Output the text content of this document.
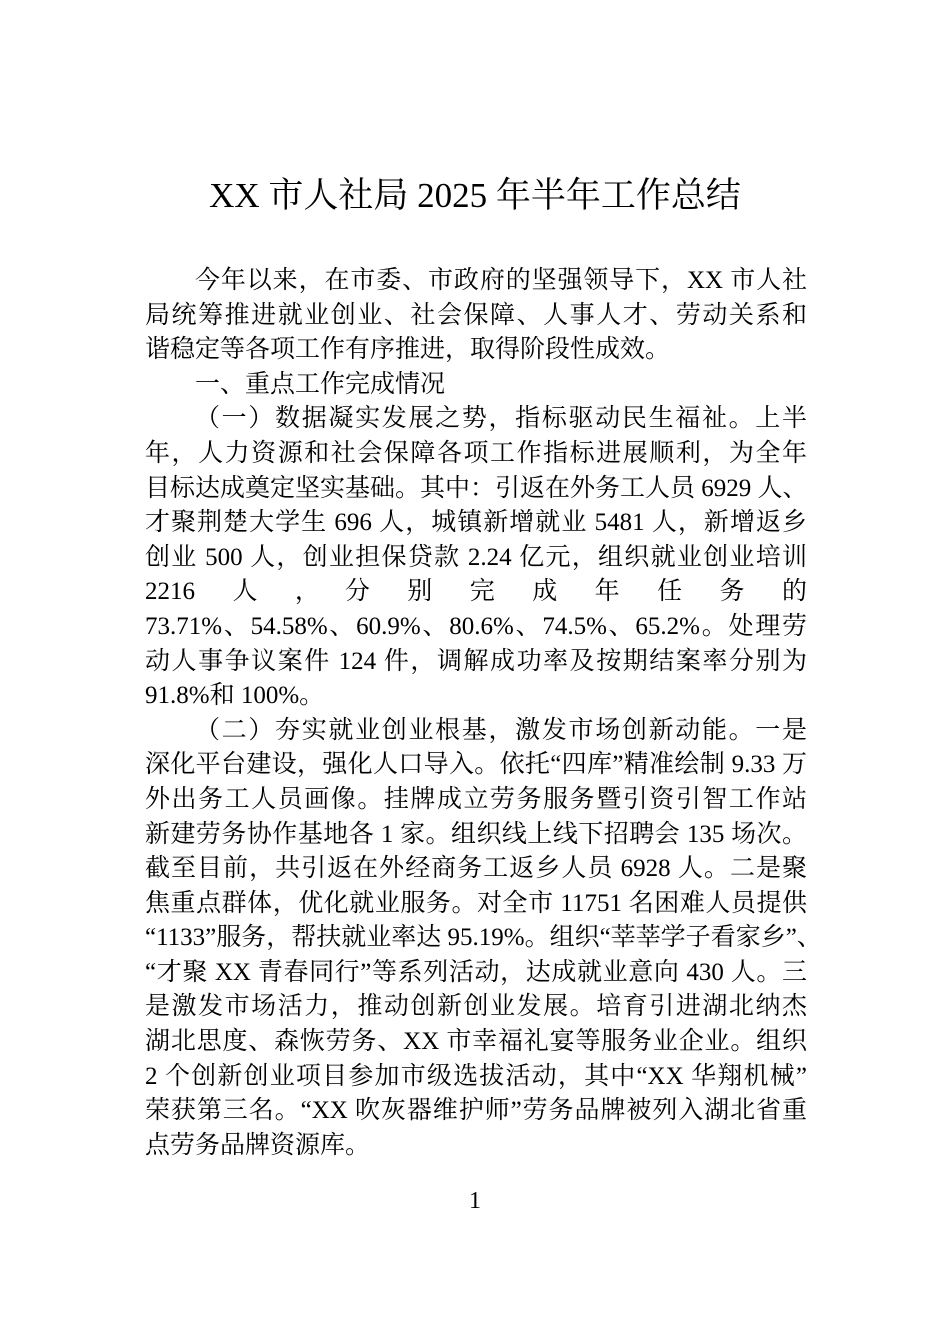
XX 市人社局 2025 年半年工作总结
今年以来，在市委、市政府的坚强领导下，XX 市人社
局统筹推进就业创业、社会保障、人事人才、劳动关系和
谐稳定等各项工作有序推进，取得阶段性成效。
一、重点工作完成情况
（一）数据凝实发展之势，指标驱动民生福祉。上半
年，人力资源和社会保障各项工作指标进展顺利，为全年
目标达成奠定坚实基础。其中：引返在外务工人员 6929 人、
才聚荆楚大学生 696 人，城镇新增就业 5481 人，新增返乡
创业 500 人，创业担保贷款 2.24 亿元，组织就业创业培训
2216　人　，　分　别　完　成　年　任　务　的
73.71%、54.58%、60.9%、80.6%、74.5%、65.2%。处理劳
动人事争议案件 124 件，调解成功率及按期结案率分别为
91.8%和 100%。
（二）夯实就业创业根基，激发市场创新动能。一是
深化平台建设，强化人口导入。依托“四库”精准绘制 9.33 万
外出务工人员画像。挂牌成立劳务服务暨引资引智工作站
新建劳务协作基地各 1 家。组织线上线下招聘会 135 场次。
截至目前，共引返在外经商务工返乡人员 6928 人。二是聚
焦重点群体，优化就业服务。对全市 11751 名困难人员提供
“1133”服务，帮扶就业率达 95.19%。组织“莘莘学子看家乡”、
“才聚 XX 青春同行”等系列活动，达成就业意向 430 人。三
是激发市场活力，推动创新创业发展。培育引进湖北纳杰
湖北思度、森恢劳务、XX 市幸福礼宴等服务业企业。组织
2 个创新创业项目参加市级选拔活动，其中“XX 华翔机械”
荣获第三名。“XX 吹灰器维护师”劳务品牌被列入湖北省重
点劳务品牌资源库。
1
